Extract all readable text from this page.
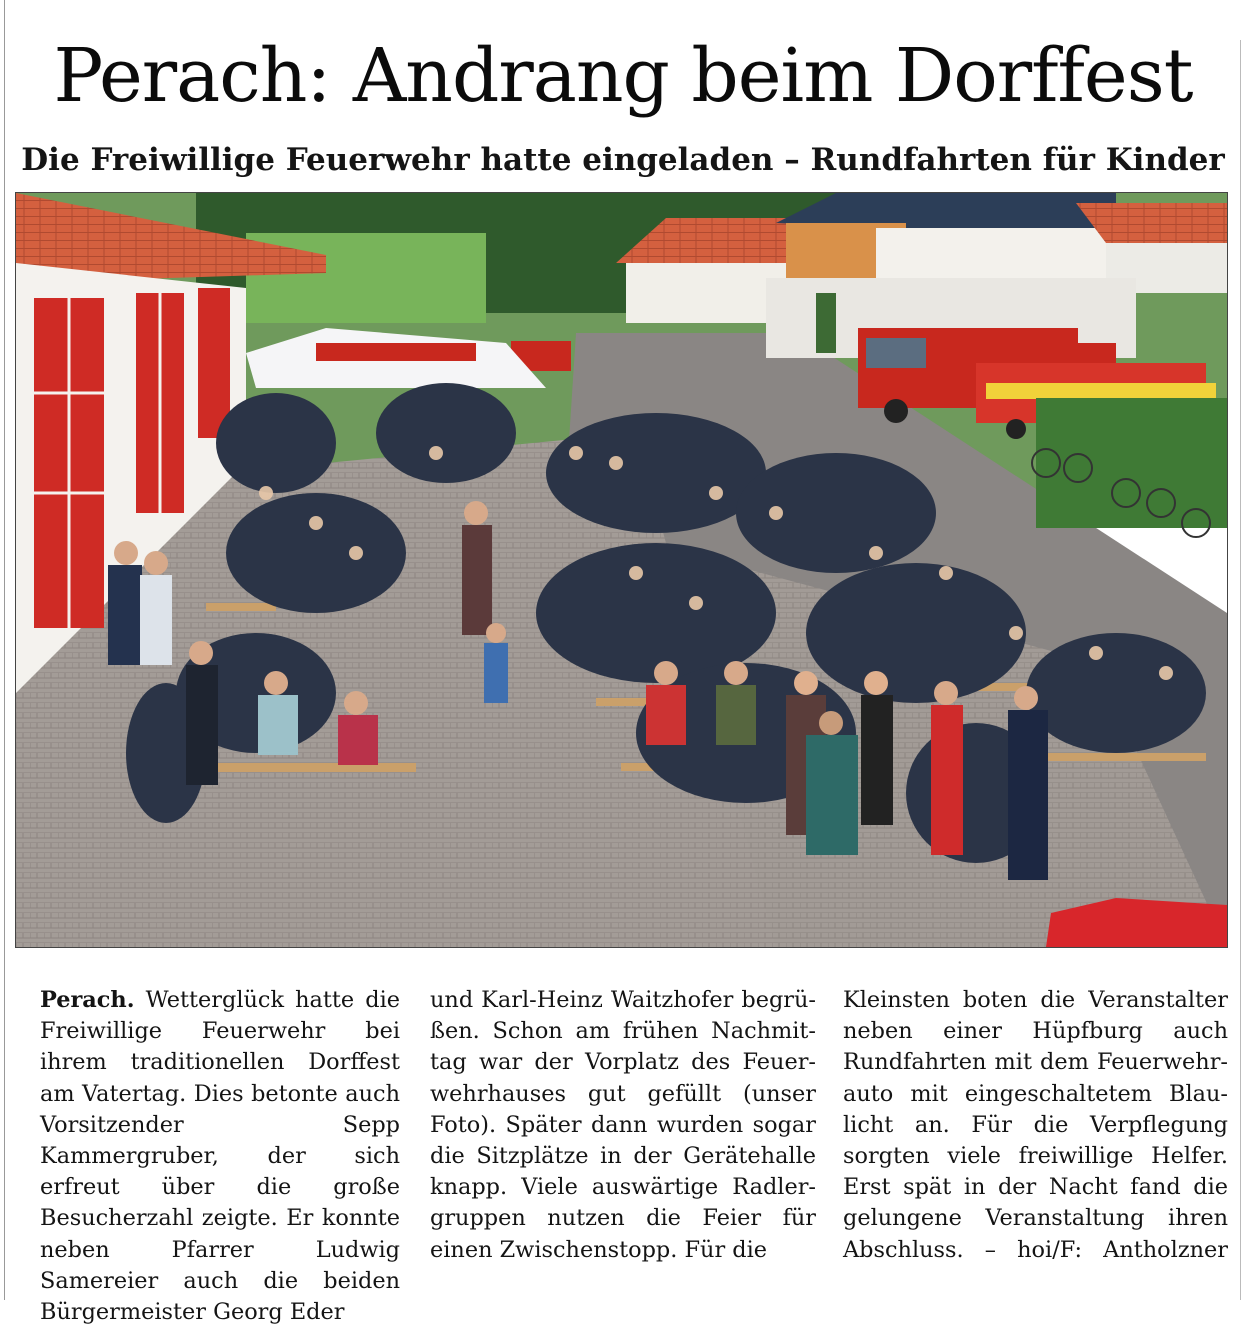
Perach: Andrang beim Dorffest
Die Freiwillige Feuerwehr hatte eingeladen – Rundfahrten für Kinder

Perach. Wetterglück hatte die Freiwillige Feuerwehr bei ihrem traditionellen Dorffest am Vatertag. Dies betonte auch Vorsitzender Sepp Kammergruber, der sich erfreut über die große Besucherzahl zeigte. Er konnte neben Pfarrer Ludwig Samereier auch die beiden Bürgermeister Georg Eder

und Karl-Heinz Waitzhofer begrüßen. Schon am frühen Nachmittag war der Vorplatz des Feuerwehrhauses gut gefüllt (unser Foto). Später dann wurden sogar die Sitzplätze in der Gerätehalle knapp. Viele auswärtige Radlergruppen nutzen die Feier für einen Zwischenstopp. Für die

Kleinsten boten die Veranstalter neben einer Hüpfburg auch Rundfahrten mit dem Feuerwehrauto mit eingeschaltetem Blaulicht an. Für die Verpflegung sorgten viele freiwillige Helfer. Erst spät in der Nacht fand die gelungene Veranstaltung ihren Abschluss. – hoi/F: Antholzner
